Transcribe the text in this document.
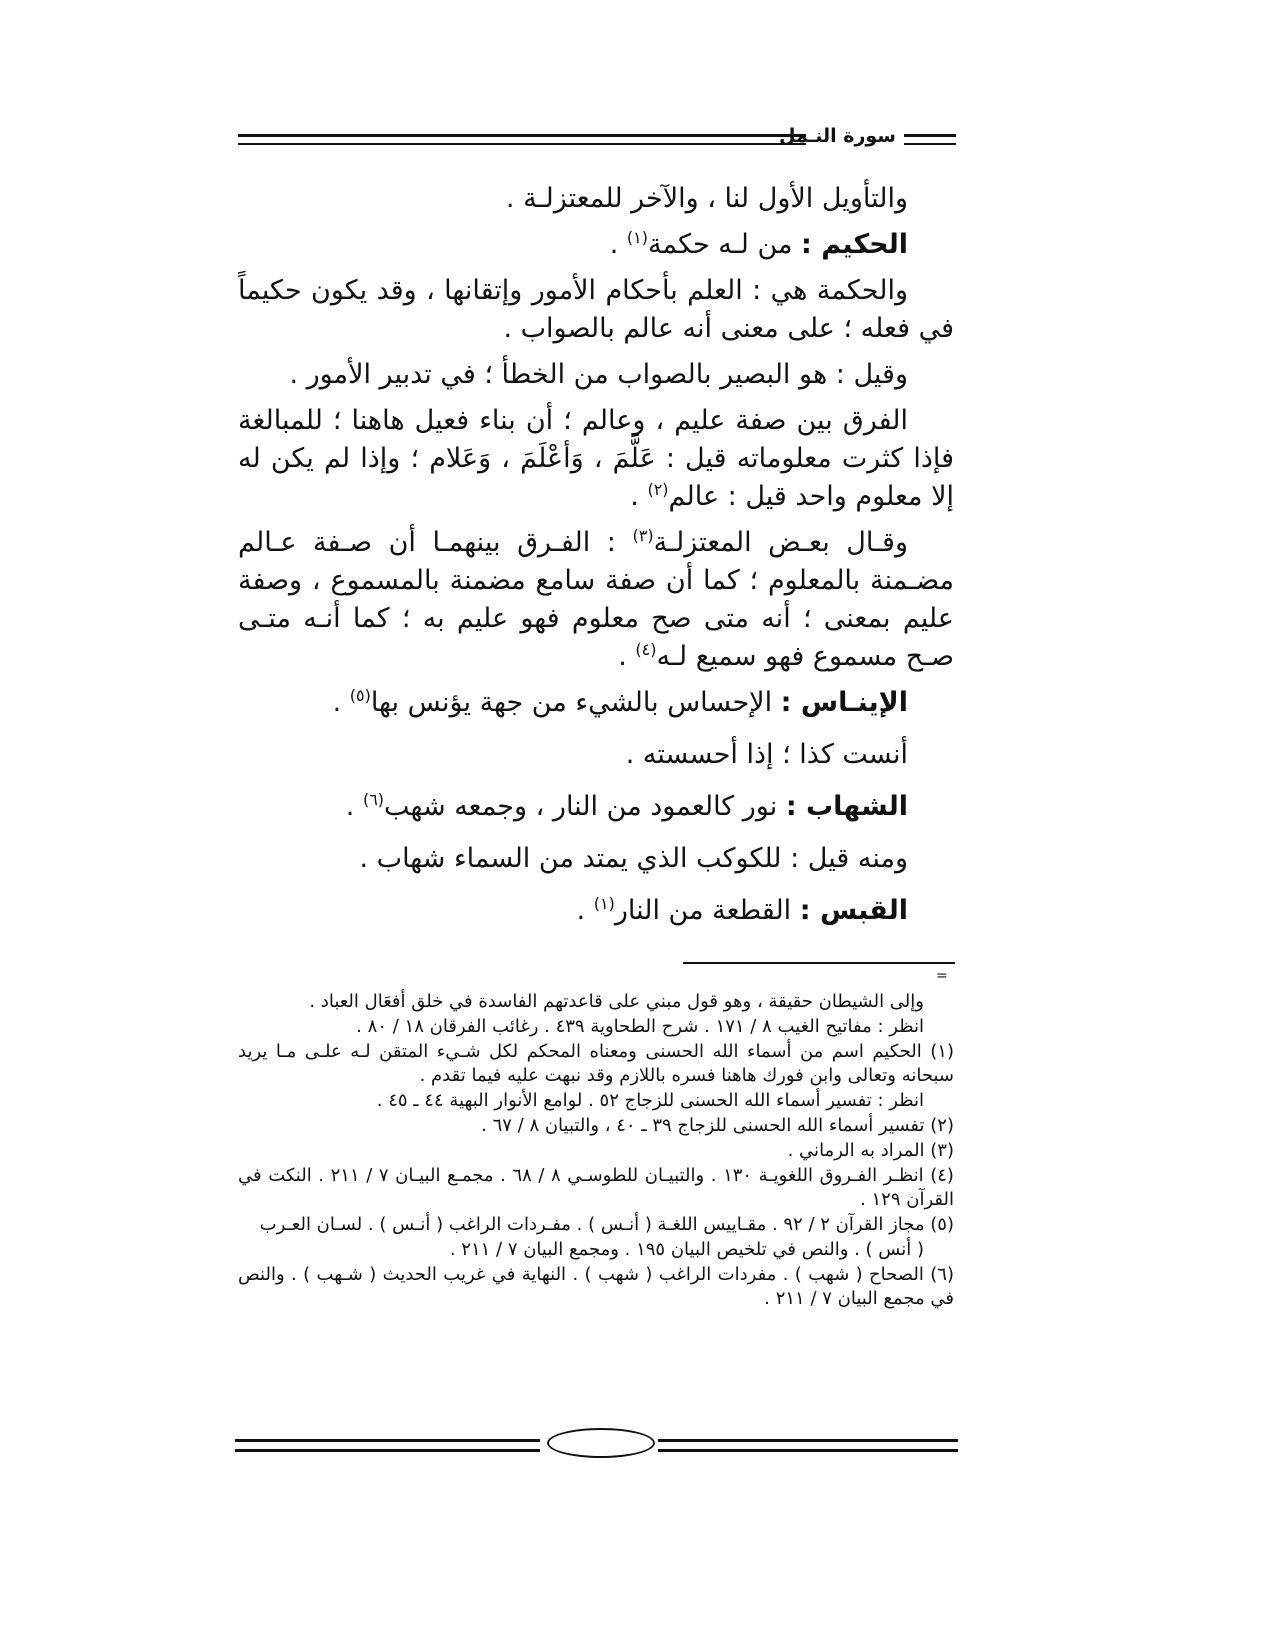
سورة النـمل

والتأويل الأول لنا ، والآخر للمعتزلـة .

الحكيم : من لـه حكمة$^{(١)}$ .

والحكمة هي : العلم بأحكام الأمور وإتقانها ، وقد يكون حكيماً في فعله ؛ على معنى أنه عالم بالصواب .

وقيل : هو البصير بالصواب من الخطأ ؛ في تدبير الأمور .

الفرق بين صفة عليم ، وعالم ؛ أن بناء فعيل هاهنا ؛ للمبالغة فإذا كثرت معلوماته قيل : عَلَّمَ ، وَأعْلَمَ ، وَعَلام ؛ وإذا لم يكن له إلا معلوم واحد قيل : عالم$^{(٢)}$ .

وقـال بعـض المعتزلـة$^{(٣)}$ : الفـرق بينهمـا أن صـفة عـالم مضـمنة بالمعلوم ؛ كما أن صفة سامع مضمنة بالمسموع ، وصفة عليم بمعنى ؛ أنه متى صح معلوم فهو عليم به ؛ كما أنـه متـى صـح مسموع فهو سميع لـه$^{(٤)}$ .

الإينـاس : الإحساس بالشيء من جهة يؤنس بها$^{(٥)}$ .

أنست كذا ؛ إذا أحسسته .

الشهاب : نور كالعمود من النار ، وجمعه شهب$^{(٦)}$ .

ومنه قيل : للكوكب الذي يمتد من السماء شهاب .

القبس : القطعة من النار$^{(١)}$ .

=

وإلى الشيطان حقيقة ، وهو قول مبني على قاعدتهم الفاسدة في خلق أفعَال العباد .

انظر : مفاتيح الغيب ٨ / ١٧١ . شرح الطحاوية ٤٣٩ . رغائب الفرقان ١٨ / ٨٠ .

(١) الحكيم اسم من أسماء الله الحسنى ومعناه المحكم لكل شـيء المتقن لـه علـى مـا يريد سبحانه وتعالى وابن فورك هاهنا فسره باللازم وقد نبهت عليه فيما تقدم .

انظر : تفسير أسماء الله الحسنى للزجاج ٥٢ . لوامع الأنوار البهية ٤٤ ـ ٤٥ .

(٢) تفسير أسماء الله الحسنى للزجاج ٣٩ ـ ٤٠ ، والتبيان ٨ / ٦٧ .

(٣) المراد به الرماني .

(٤) انظـر الفـروق اللغويـة ١٣٠ . والتبيـان للطوسـي ٨ / ٦٨ . مجمـع البيـان ٧ / ٢١١ . النكت في القرآن ١٢٩ .

(٥) مجاز القرآن ٢ / ٩٢ . مقـاييس اللغـة ( أنـس ) . مفـردات الراغب ( أنـس ) . لسـان العـرب

( أنس ) . والنص في تلخيص البيان ١٩٥ . ومجمع البيان ٧ / ٢١١ .

(٦) الصحاح ( شهب ) . مفردات الراغب ( شهب ) . النهاية في غريب الحديث ( شـهب ) . والنص في مجمع البيان ٧ / ٢١١ .
